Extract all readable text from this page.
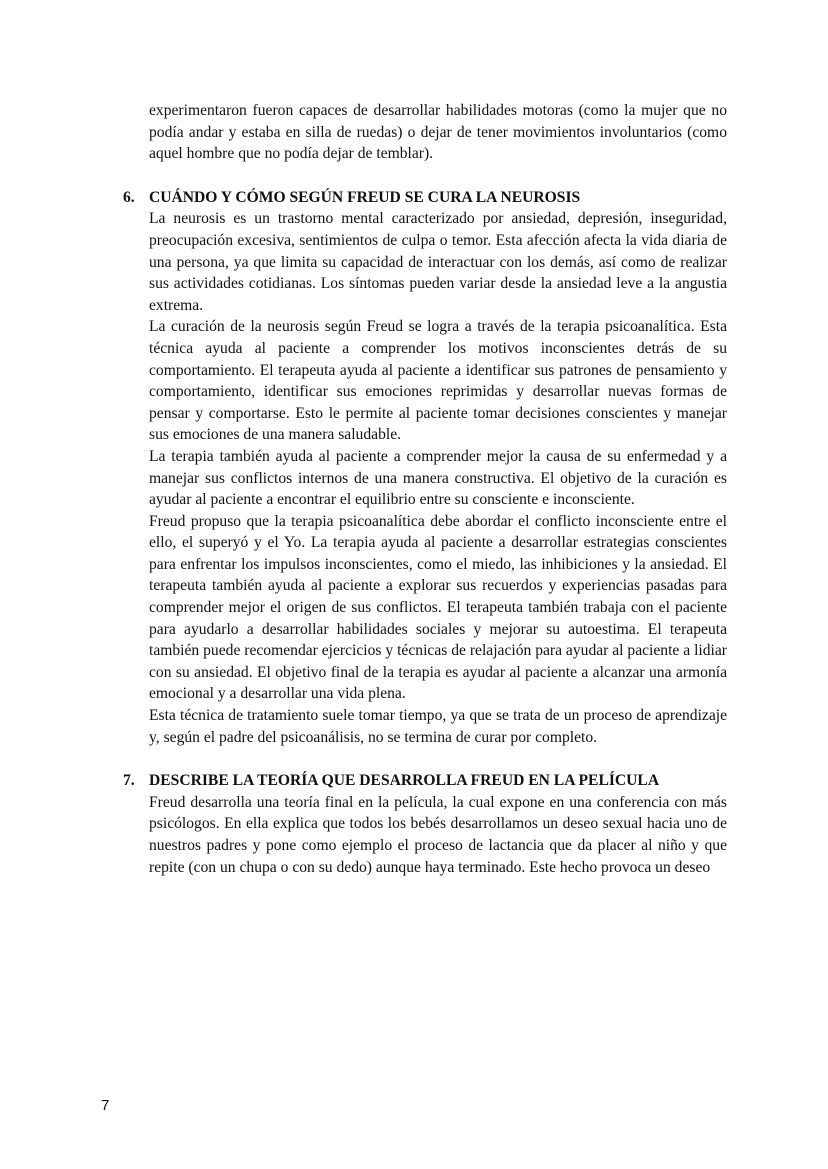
experimentaron fueron capaces de desarrollar habilidades motoras (como la mujer que no podía andar y estaba en silla de ruedas) o dejar de tener movimientos involuntarios (como aquel hombre que no podía dejar de temblar).

6. CUÁNDO Y CÓMO SEGÚN FREUD SE CURA LA NEUROSIS

La neurosis es un trastorno mental caracterizado por ansiedad, depresión, inseguridad, preocupación excesiva, sentimientos de culpa o temor. Esta afección afecta la vida diaria de una persona, ya que limita su capacidad de interactuar con los demás, así como de realizar sus actividades cotidianas. Los síntomas pueden variar desde la ansiedad leve a la angustia extrema.

La curación de la neurosis según Freud se logra a través de la terapia psicoanalítica. Esta técnica ayuda al paciente a comprender los motivos inconscientes detrás de su comportamiento. El terapeuta ayuda al paciente a identificar sus patrones de pensamiento y comportamiento, identificar sus emociones reprimidas y desarrollar nuevas formas de pensar y comportarse. Esto le permite al paciente tomar decisiones conscientes y manejar sus emociones de una manera saludable.

La terapia también ayuda al paciente a comprender mejor la causa de su enfermedad y a manejar sus conflictos internos de una manera constructiva. El objetivo de la curación es ayudar al paciente a encontrar el equilibrio entre su consciente e inconsciente.

Freud propuso que la terapia psicoanalítica debe abordar el conflicto inconsciente entre el ello, el superyó y el Yo. La terapia ayuda al paciente a desarrollar estrategias conscientes para enfrentar los impulsos inconscientes, como el miedo, las inhibiciones y la ansiedad. El terapeuta también ayuda al paciente a explorar sus recuerdos y experiencias pasadas para comprender mejor el origen de sus conflictos. El terapeuta también trabaja con el paciente para ayudarlo a desarrollar habilidades sociales y mejorar su autoestima. El terapeuta también puede recomendar ejercicios y técnicas de relajación para ayudar al paciente a lidiar con su ansiedad. El objetivo final de la terapia es ayudar al paciente a alcanzar una armonía emocional y a desarrollar una vida plena.

Esta técnica de tratamiento suele tomar tiempo, ya que se trata de un proceso de aprendizaje y, según el padre del psicoanálisis, no se termina de curar por completo.

7. DESCRIBE LA TEORÍA QUE DESARROLLA FREUD EN LA PELÍCULA

Freud desarrolla una teoría final en la película, la cual expone en una conferencia con más psicólogos. En ella explica que todos los bebés desarrollamos un deseo sexual hacia uno de nuestros padres y pone como ejemplo el proceso de lactancia que da placer al niño y que repite (con un chupa o con su dedo) aunque haya terminado. Este hecho provoca un deseo

7
